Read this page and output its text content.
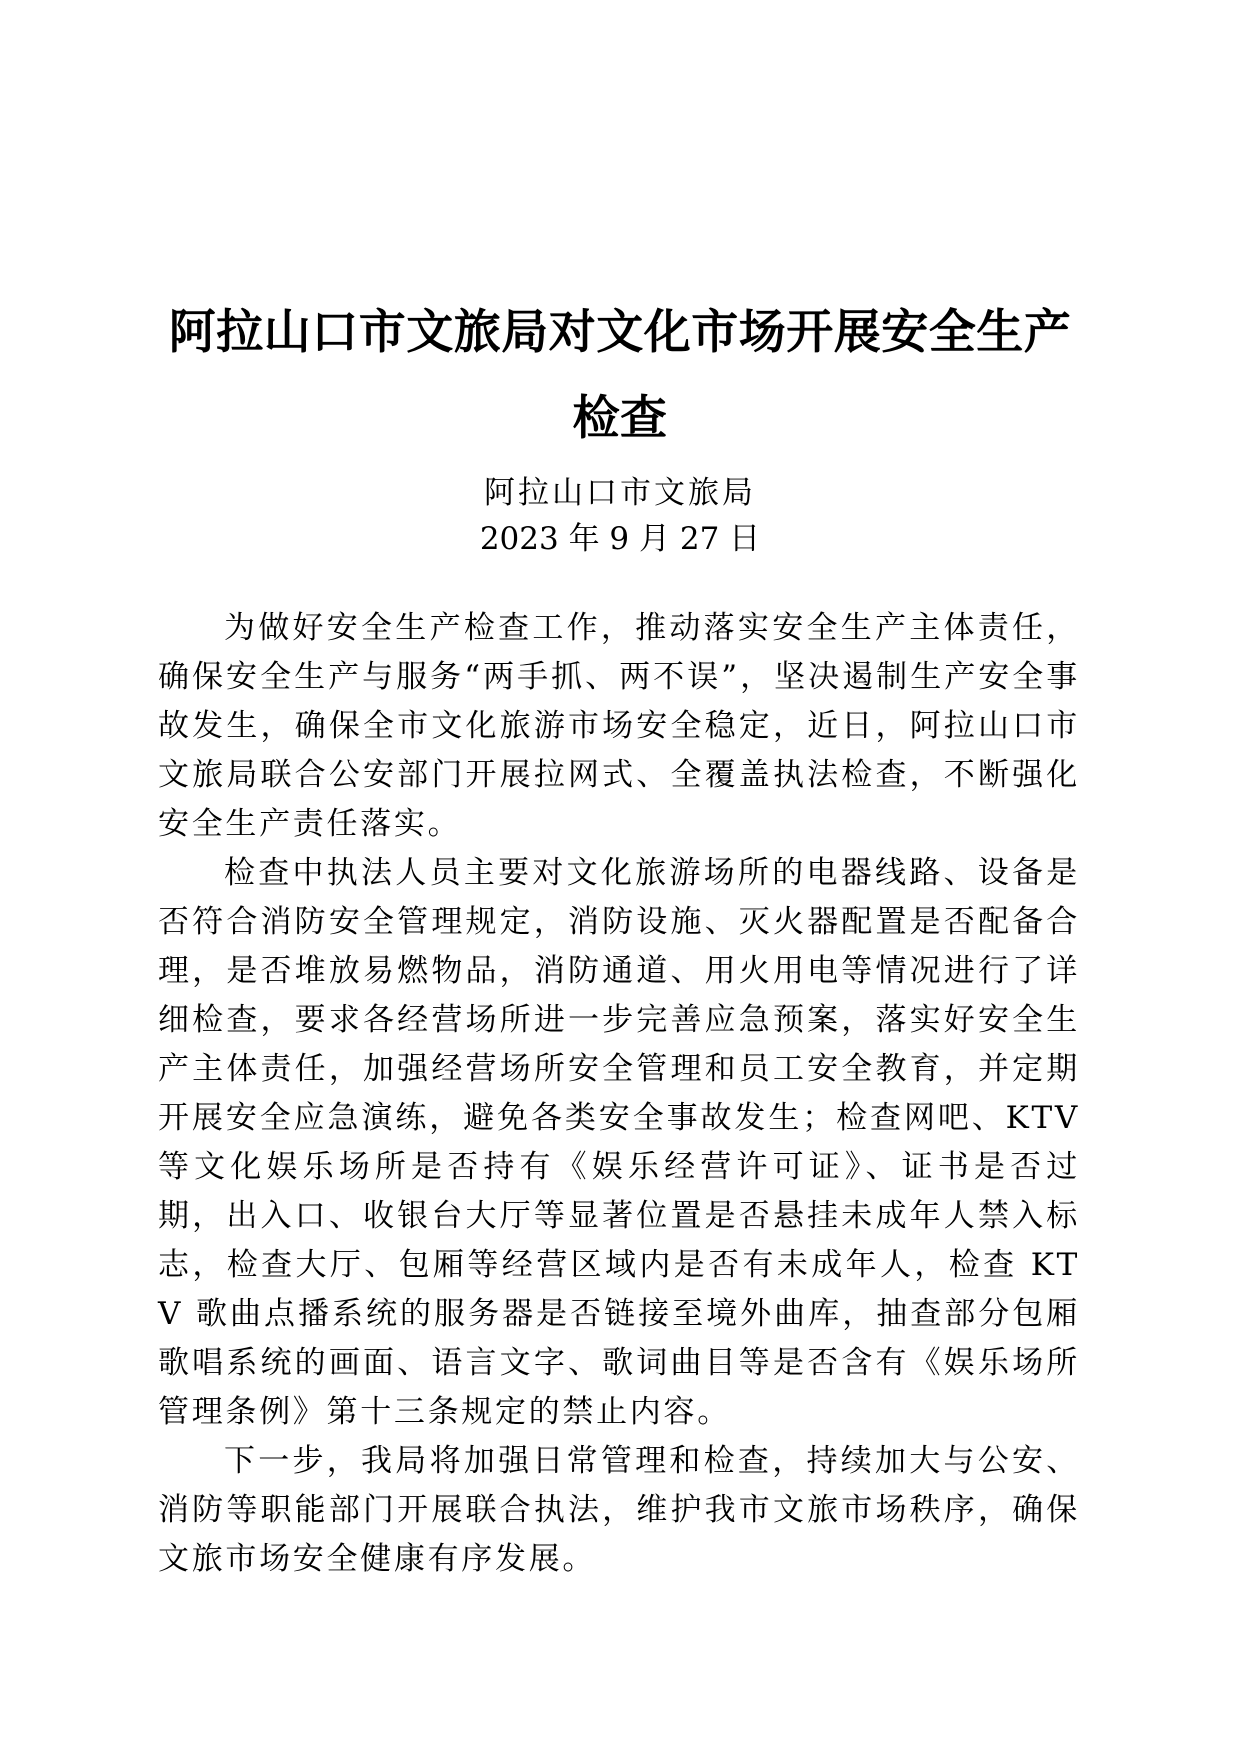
阿拉山口市文旅局对文化市场开展安全生产检查
阿拉山口市文旅局
2023 年 9 月 27 日

为做好安全生产检查工作，推动落实安全生产主体责任，确保安全生产与服务“两手抓、两不误”，坚决遏制生产安全事故发生，确保全市文化旅游市场安全稳定，近日，阿拉山口市文旅局联合公安部门开展拉网式、全覆盖执法检查，不断强化安全生产责任落实。

检查中执法人员主要对文化旅游场所的电器线路、设备是否符合消防安全管理规定，消防设施、灭火器配置是否配备合理，是否堆放易燃物品，消防通道、用火用电等情况进行了详细检查，要求各经营场所进一步完善应急预案，落实好安全生产主体责任，加强经营场所安全管理和员工安全教育，并定期开展安全应急演练，避免各类安全事故发生；检查网吧、KTV 等文化娱乐场所是否持有《娱乐经营许可证》、证书是否过期，出入口、收银台大厅等显著位置是否悬挂未成年人禁入标志，检查大厅、包厢等经营区域内是否有未成年人，检查 KTV 歌曲点播系统的服务器是否链接至境外曲库，抽查部分包厢歌唱系统的画面、语言文字、歌词曲目等是否含有《娱乐场所管理条例》第十三条规定的禁止内容。

下一步，我局将加强日常管理和检查，持续加大与公安、消防等职能部门开展联合执法，维护我市文旅市场秩序，确保文旅市场安全健康有序发展。
